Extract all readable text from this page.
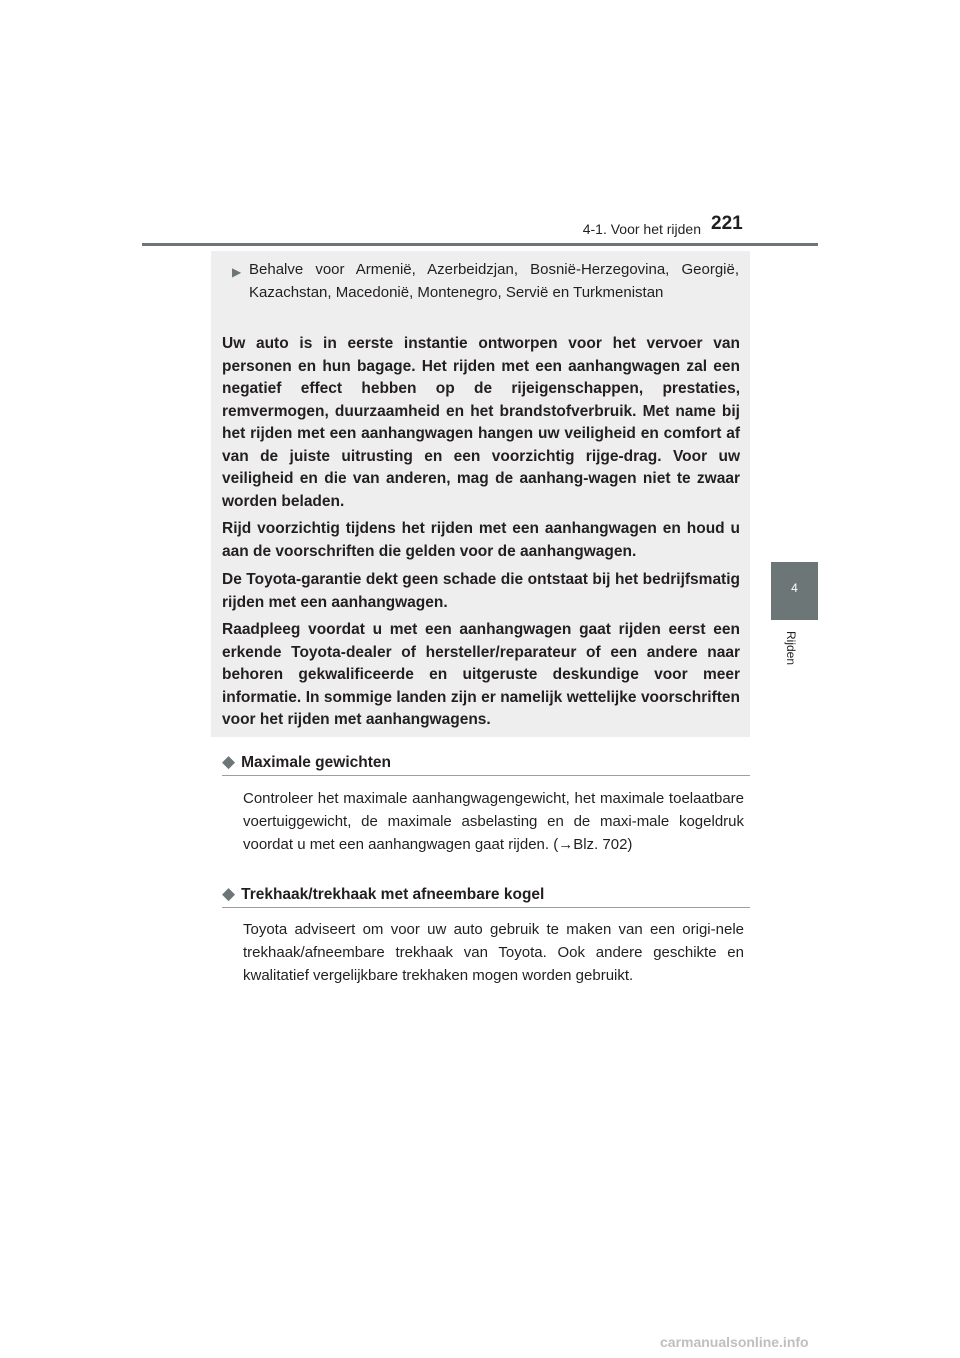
4-1. Voor het rijden 221
4
Rijden
▶ Behalve voor Armenië, Azerbeidzjan, Bosnië-Herzegovina, Georgië, Kazachstan, Macedonië, Montenegro, Servië en Turkmenistan

Uw auto is in eerste instantie ontworpen voor het vervoer van personen en hun bagage. Het rijden met een aanhangwagen zal een negatief effect hebben op de rijeigenschappen, prestaties, remvermogen, duurzaamheid en het brandstofverbruik. Met name bij het rijden met een aanhangwagen hangen uw veiligheid en comfort af van de juiste uitrusting en een voorzichtig rijge-drag. Voor uw veiligheid en die van anderen, mag de aanhang-wagen niet te zwaar worden beladen.

Rijd voorzichtig tijdens het rijden met een aanhangwagen en houd u aan de voorschriften die gelden voor de aanhangwagen.

De Toyota-garantie dekt geen schade die ontstaat bij het bedrijfsmatig rijden met een aanhangwagen.

Raadpleeg voordat u met een aanhangwagen gaat rijden eerst een erkende Toyota-dealer of hersteller/reparateur of een andere naar behoren gekwalificeerde en uitgeruste deskundige voor meer informatie. In sommige landen zijn er namelijk wettelijke voorschriften voor het rijden met aanhangwagens.

◆ Maximale gewichten

Controleer het maximale aanhangwagengewicht, het maximale toelaatbare voertuiggewicht, de maximale asbelasting en de maxi-male kogeldruk voordat u met een aanhangwagen gaat rijden. (→Blz. 702)

◆ Trekhaak/trekhaak met afneembare kogel

Toyota adviseert om voor uw auto gebruik te maken van een origi-nele trekhaak/afneembare trekhaak van Toyota. Ook andere geschikte en kwalitatief vergelijkbare trekhaken mogen worden gebruikt.

carmanualsonline.info
